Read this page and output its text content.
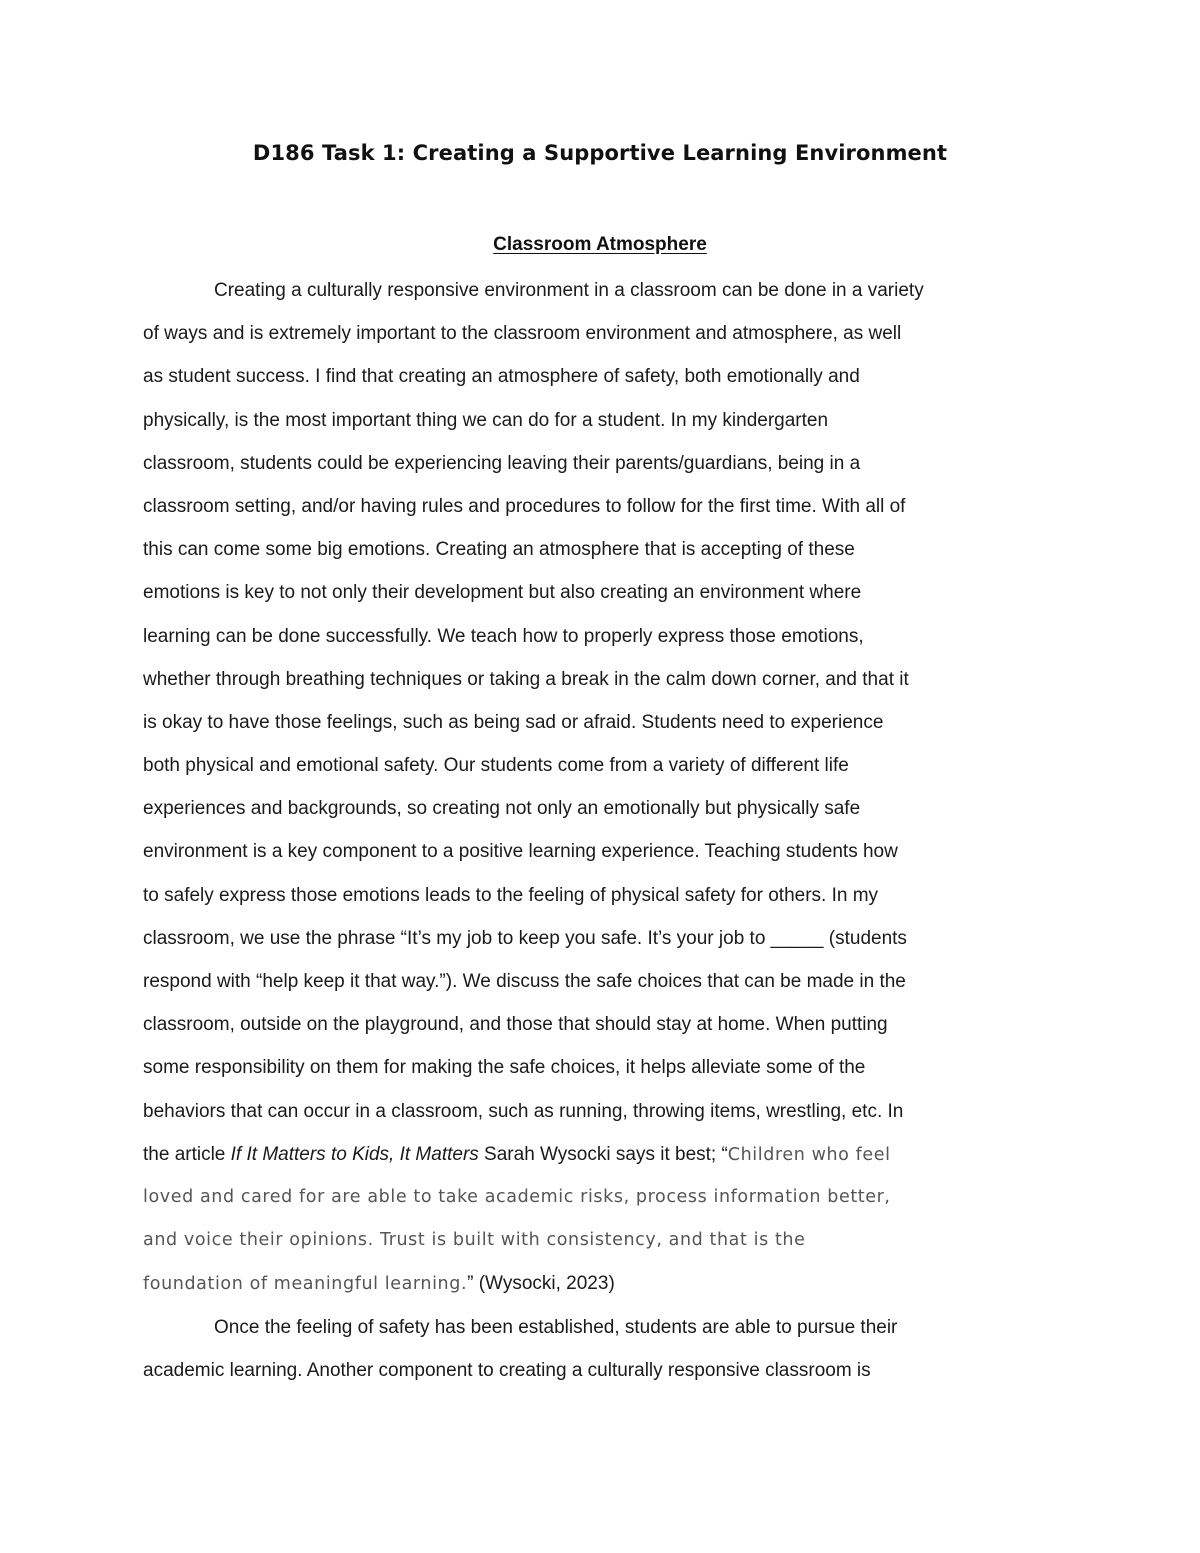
D186 Task 1: Creating a Supportive Learning Environment
Classroom Atmosphere
Creating a culturally responsive environment in a classroom can be done in a variety
of ways and is extremely important to the classroom environment and atmosphere, as well
as student success. I find that creating an atmosphere of safety, both emotionally and
physically, is the most important thing we can do for a student. In my kindergarten
classroom, students could be experiencing leaving their parents/guardians, being in a
classroom setting, and/or having rules and procedures to follow for the first time. With all of
this can come some big emotions. Creating an atmosphere that is accepting of these
emotions is key to not only their development but also creating an environment where
learning can be done successfully. We teach how to properly express those emotions,
whether through breathing techniques or taking a break in the calm down corner, and that it
is okay to have those feelings, such as being sad or afraid. Students need to experience
both physical and emotional safety. Our students come from a variety of different life
experiences and backgrounds, so creating not only an emotionally but physically safe
environment is a key component to a positive learning experience. Teaching students how
to safely express those emotions leads to the feeling of physical safety for others. In my
classroom, we use the phrase “It’s my job to keep you safe. It’s your job to _____ (students
respond with “help keep it that way.”). We discuss the safe choices that can be made in the
classroom, outside on the playground, and those that should stay at home. When putting
some responsibility on them for making the safe choices, it helps alleviate some of the
behaviors that can occur in a classroom, such as running, throwing items, wrestling, etc. In
the article If It Matters to Kids, It Matters Sarah Wysocki says it best; “Children who feel
loved and cared for are able to take academic risks, process information better,
and voice their opinions. Trust is built with consistency, and that is the
foundation of meaningful learning.” (Wysocki, 2023)
Once the feeling of safety has been established, students are able to pursue their
academic learning. Another component to creating a culturally responsive classroom is
